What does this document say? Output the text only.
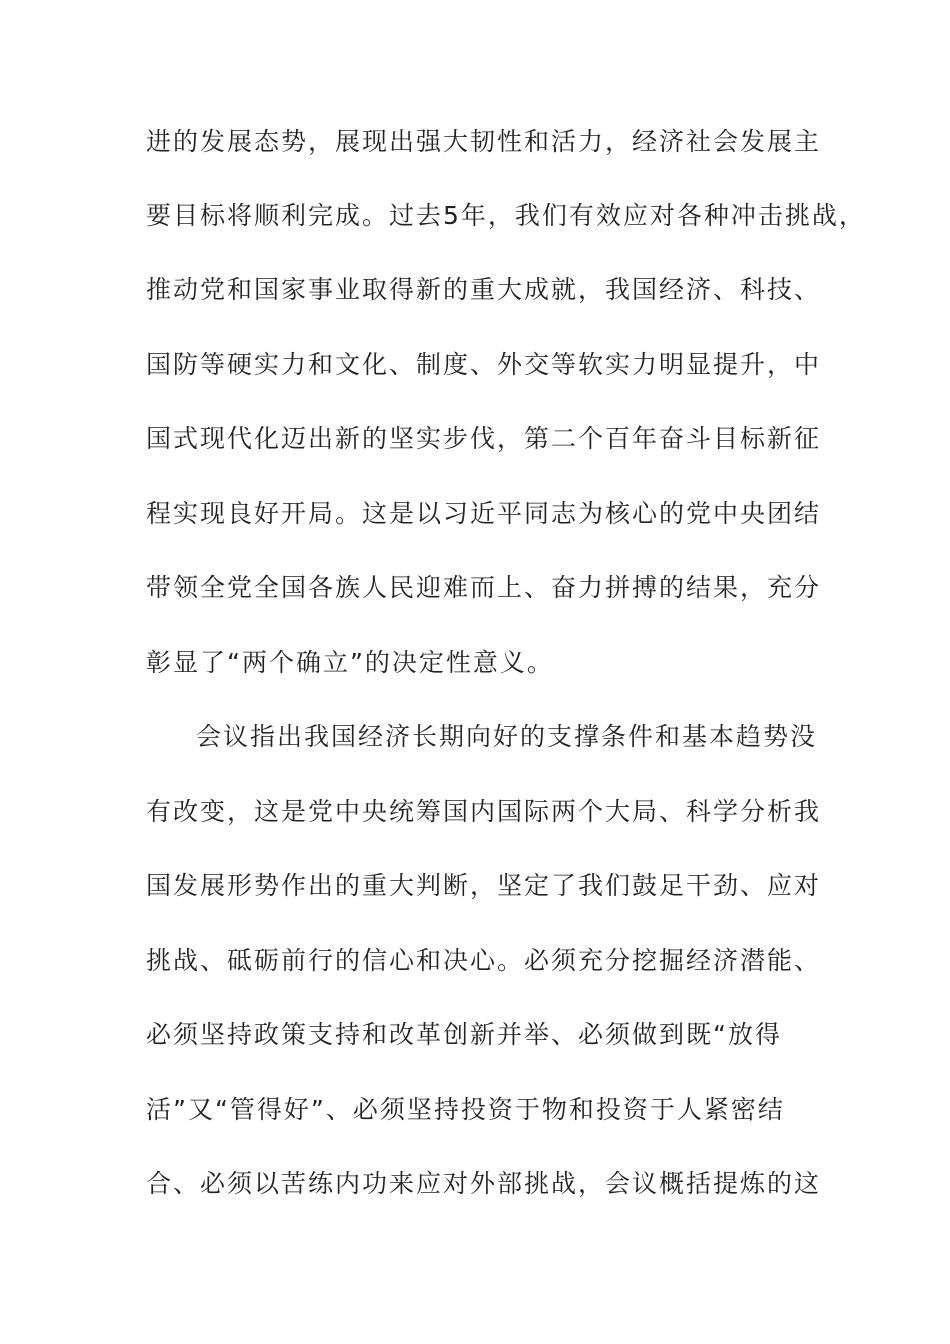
进的发展态势，展现出强大韧性和活力，经济社会发展主
要目标将顺利完成。过去5年，我们有效应对各种冲击挑战，
推动党和国家事业取得新的重大成就，我国经济、科技、
国防等硬实力和文化、制度、外交等软实力明显提升，中
国式现代化迈出新的坚实步伐，第二个百年奋斗目标新征
程实现良好开局。这是以习近平同志为核心的党中央团结
带领全党全国各族人民迎难而上、奋力拼搏的结果，充分
彰显了“两个确立”的决定性意义。
会议指出我国经济长期向好的支撑条件和基本趋势没
有改变，这是党中央统筹国内国际两个大局、科学分析我
国发展形势作出的重大判断，坚定了我们鼓足干劲、应对
挑战、砥砺前行的信心和决心。必须充分挖掘经济潜能、
必须坚持政策支持和改革创新并举、必须做到既“放得
活”又“管得好”、必须坚持投资于物和投资于人紧密结
合、必须以苦练内功来应对外部挑战，会议概括提炼的这
